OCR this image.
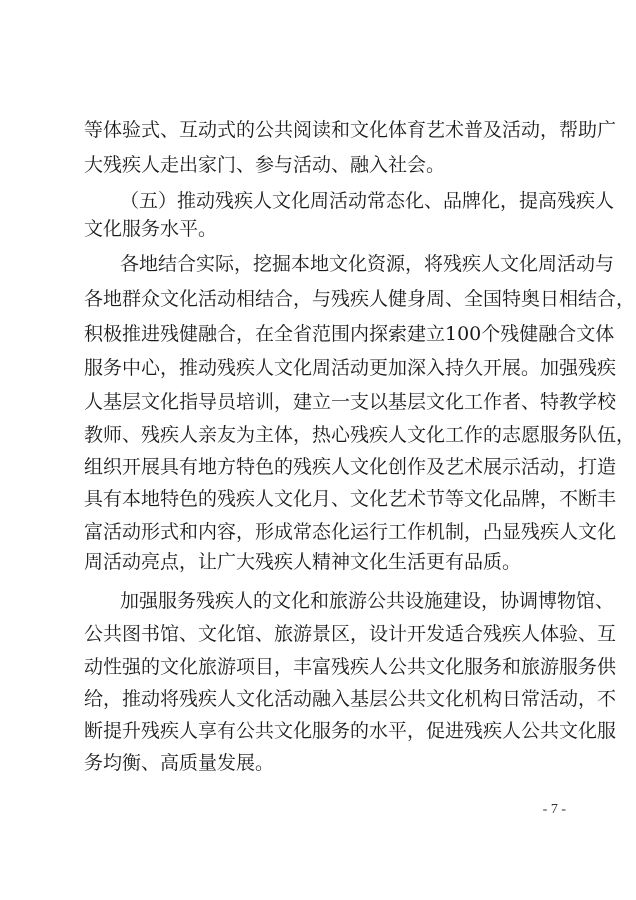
等体验式、互动式的公共阅读和文化体育艺术普及活动，帮助广
大残疾人走出家门、参与活动、融入社会。
（五）推动残疾人文化周活动常态化、品牌化，提高残疾人
文化服务水平。
各地结合实际，挖掘本地文化资源，将残疾人文化周活动与
各地群众文化活动相结合，与残疾人健身周、全国特奥日相结合，
积极推进残健融合，在全省范围内探索建立100个残健融合文体
服务中心，推动残疾人文化周活动更加深入持久开展。加强残疾
人基层文化指导员培训，建立一支以基层文化工作者、特教学校
教师、残疾人亲友为主体，热心残疾人文化工作的志愿服务队伍，
组织开展具有地方特色的残疾人文化创作及艺术展示活动，打造
具有本地特色的残疾人文化月、文化艺术节等文化品牌，不断丰
富活动形式和内容，形成常态化运行工作机制，凸显残疾人文化
周活动亮点，让广大残疾人精神文化生活更有品质。
加强服务残疾人的文化和旅游公共设施建设，协调博物馆、
公共图书馆、文化馆、旅游景区，设计开发适合残疾人体验、互
动性强的文化旅游项目，丰富残疾人公共文化服务和旅游服务供
给，推动将残疾人文化活动融入基层公共文化机构日常活动，不
断提升残疾人享有公共文化服务的水平，促进残疾人公共文化服
务均衡、高质量发展。
- 7 -
